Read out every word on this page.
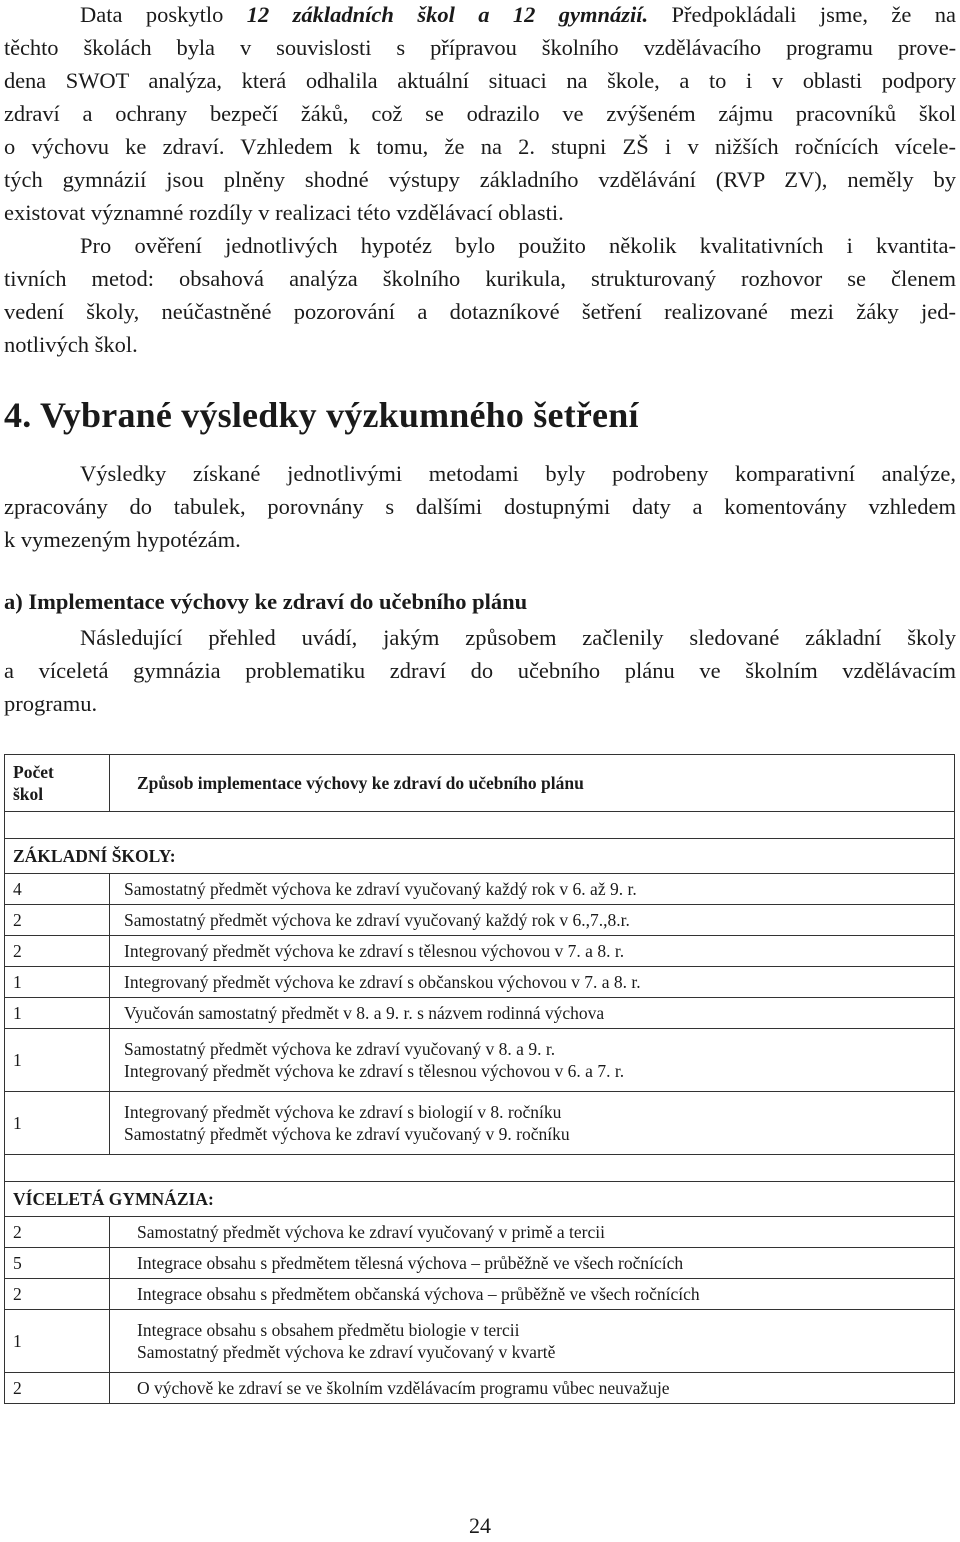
Data poskytlo 12 základních škol a 12 gymnázií. Předpokládali jsme, že na
těchto školách byla v souvislosti s přípravou školního vzdělávacího programu prove-
dena SWOT analýza, která odhalila aktuální situaci na škole, a to i v oblasti podpory
zdraví a ochrany bezpečí žáků, což se odrazilo ve zvýšeném zájmu pracovníků škol
o výchovu ke zdraví. Vzhledem k tomu, že na 2. stupni ZŠ i v nižších ročnících vícele-
tých gymnázií jsou plněny shodné výstupy základního vzdělávání (RVP ZV), neměly by
existovat významné rozdíly v realizaci této vzdělávací oblasti.
Pro ověření jednotlivých hypotéz bylo použito několik kvalitativních i kvantita-
tivních metod: obsahová analýza školního kurikula, strukturovaný rozhovor se členem
vedení školy, neúčastněné pozorování a dotazníkové šetření realizované mezi žáky jed-
notlivých škol.
4. Vybrané výsledky výzkumného šetření
Výsledky získané jednotlivými metodami byly podrobeny komparativní analýze,
zpracovány do tabulek, porovnány s dalšími dostupnými daty a komentovány vzhledem
k vymezeným hypotézám.
a) Implementace výchovy ke zdraví do učebního plánu
Následující přehled uvádí, jakým způsobem začlenily sledované základní školy
a víceletá gymnázia problematiku zdraví do učebního plánu ve školním vzdělávacím
programu.
Počet
škol	Způsob implementace výchovy ke zdraví do učebního plánu

ZÁKLADNÍ ŠKOLY:	
4	Samostatný předmět výchova ke zdraví vyučovaný každý rok v 6. až 9. r.
2	Samostatný předmět výchova ke zdraví vyučovaný každý rok v 6.,7.,8.r.
2	Integrovaný předmět výchova ke zdraví s tělesnou výchovou v 7. a 8. r.
1	Integrovaný předmět výchova ke zdraví s občanskou výchovou v 7. a 8. r.
1	Vyučován samostatný předmět v 8. a 9. r. s názvem rodinná výchova
1	Samostatný předmět výchova ke zdraví vyučovaný v 8. a 9. r.
Integrovaný předmět výchova ke zdraví s tělesnou výchovou v 6. a 7. r.
1	Integrovaný předmět výchova ke zdraví s biologií v 8. ročníku
Samostatný předmět výchova ke zdraví vyučovaný v 9. ročníku

VÍCELETÁ GYMNÁZIA:	
2	Samostatný předmět výchova ke zdraví vyučovaný v primě a tercii
5	Integrace obsahu s předmětem tělesná výchova – průběžně ve všech ročnících
2	Integrace obsahu s předmětem občanská výchova – průběžně ve všech ročnících
1	Integrace obsahu s obsahem předmětu biologie v tercii
Samostatný předmět výchova ke zdraví vyučovaný v kvartě
2	O výchově ke zdraví se ve školním vzdělávacím programu vůbec neuvažuje
24
